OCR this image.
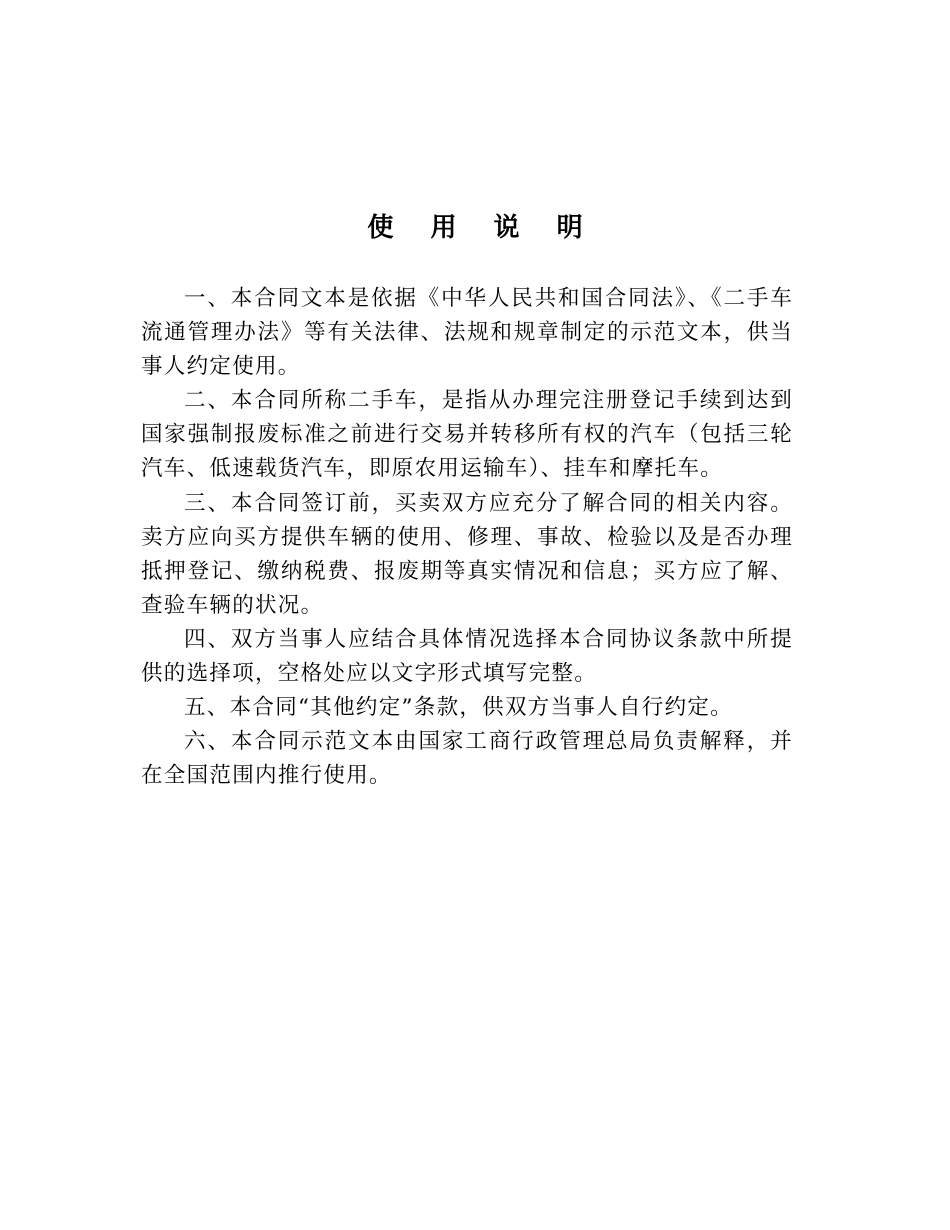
使 用 说 明

一、本合同文本是依据《中华人民共和国合同法》、《二手车流通管理办法》等有关法律、法规和规章制定的示范文本，供当事人约定使用。

二、本合同所称二手车，是指从办理完注册登记手续到达到国家强制报废标准之前进行交易并转移所有权的汽车（包括三轮汽车、低速载货汽车，即原农用运输车）、挂车和摩托车。

三、本合同签订前，买卖双方应充分了解合同的相关内容。卖方应向买方提供车辆的使用、修理、事故、检验以及是否办理抵押登记、缴纳税费、报废期等真实情况和信息；买方应了解、查验车辆的状况。

四、双方当事人应结合具体情况选择本合同协议条款中所提供的选择项，空格处应以文字形式填写完整。

五、本合同“其他约定”条款，供双方当事人自行约定。

六、本合同示范文本由国家工商行政管理总局负责解释，并在全国范围内推行使用。
